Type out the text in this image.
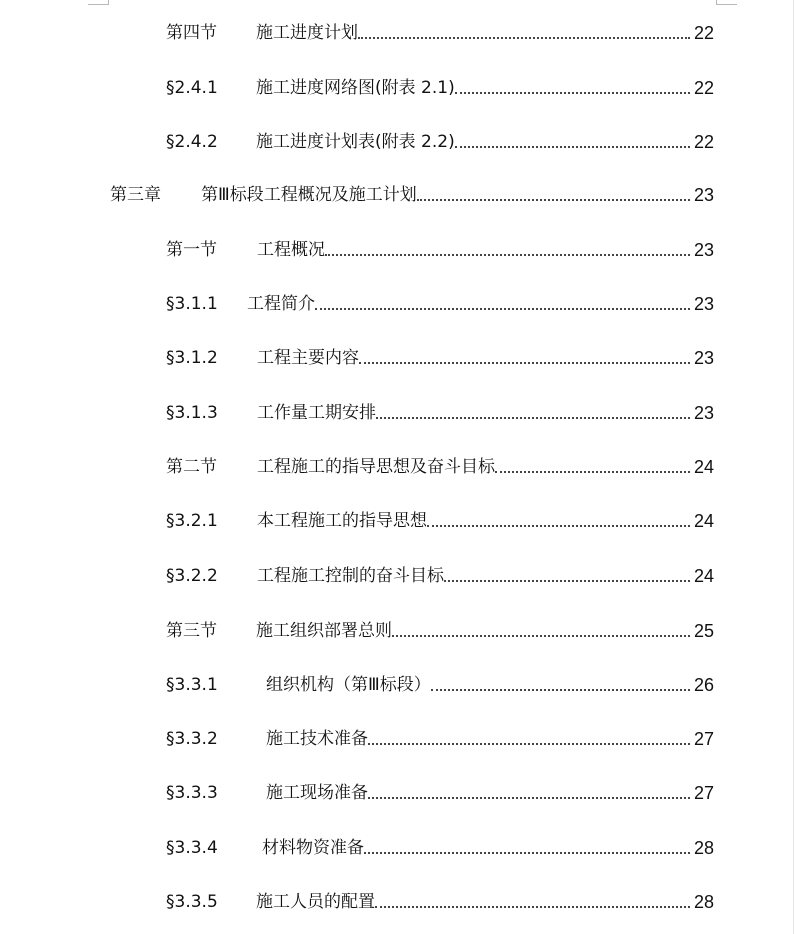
第四节	施工进度计划	22
§2.4.1	施工进度网络图(附表 2.1)	22
§2.4.2	施工进度计划表(附表 2.2)	22
第三章	第Ⅲ标段工程概况及施工计划	23
第一节	工程概况	23
§3.1.1	工程简介	23
§3.1.2	工程主要内容	23
§3.1.3	工作量工期安排	23
第二节	工程施工的指导思想及奋斗目标	24
§3.2.1	本工程施工的指导思想	24
§3.2.2	工程施工控制的奋斗目标	24
第三节	施工组织部署总则	25
§3.3.1	组织机构（第Ⅲ标段）	26
§3.3.2	施工技术准备	27
§3.3.3	施工现场准备	27
§3.3.4	材料物资准备	28
§3.3.5	施工人员的配置	28
